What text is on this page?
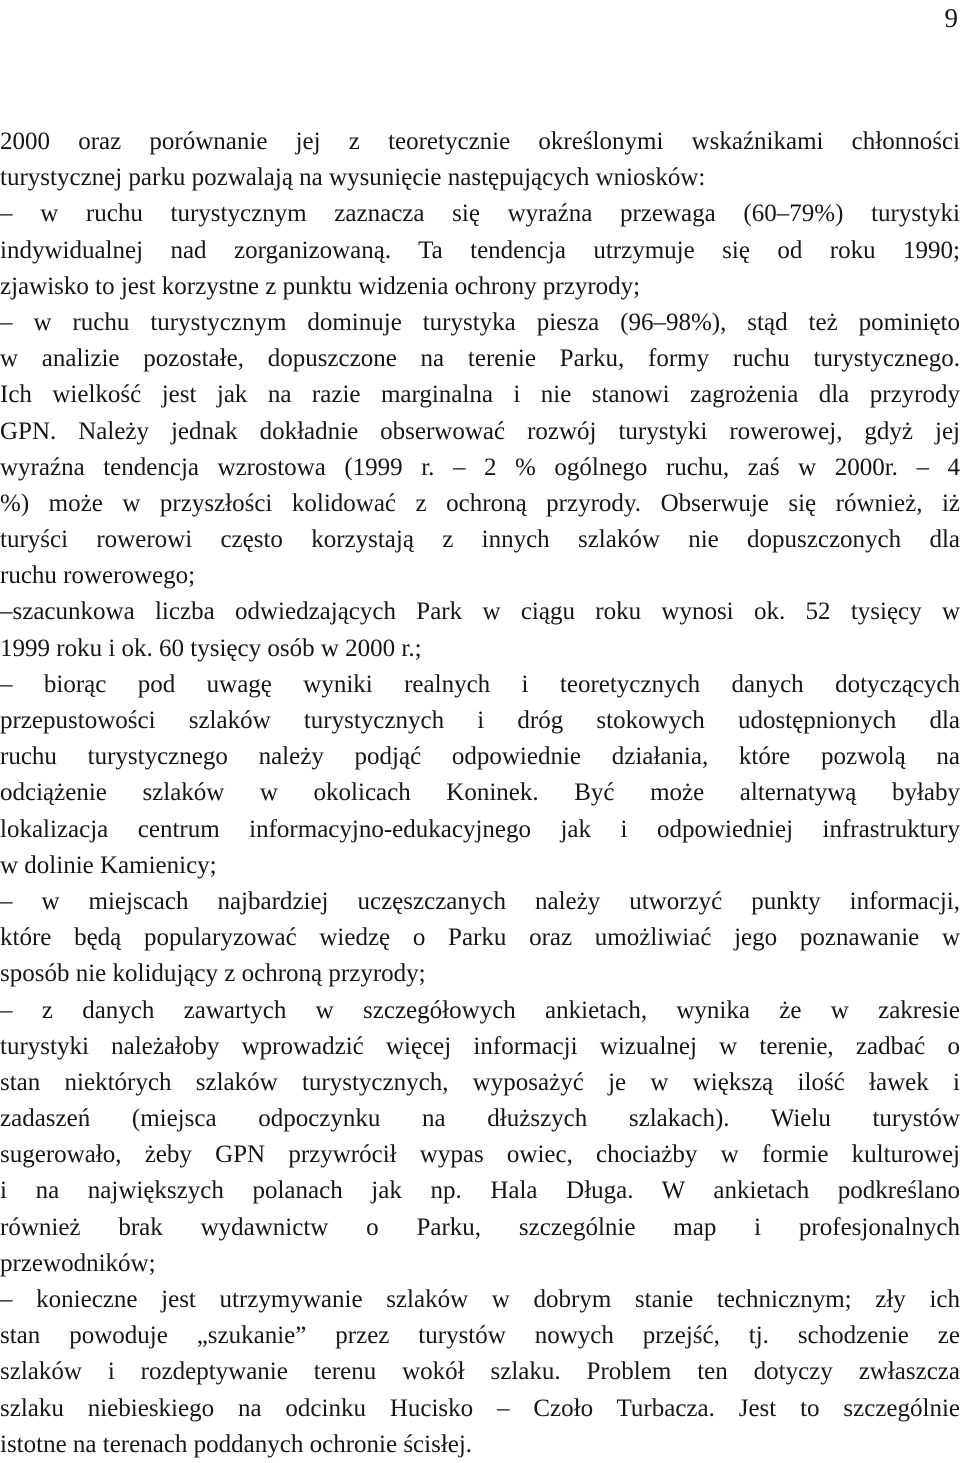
9
2000 oraz porównanie jej z teoretycznie określonymi wskaźnikami chłonności
turystycznej parku pozwalają na wysunięcie następujących wniosków:
– w ruchu turystycznym zaznacza się wyraźna przewaga (60–79%) turystyki
indywidualnej nad zorganizowaną. Ta tendencja utrzymuje się od roku 1990;
zjawisko to jest korzystne z punktu widzenia ochrony przyrody;
– w ruchu turystycznym dominuje turystyka piesza (96–98%), stąd też pominięto
w analizie pozostałe, dopuszczone na terenie Parku, formy ruchu turystycznego.
Ich wielkość jest jak na razie marginalna i nie stanowi zagrożenia dla przyrody
GPN. Należy jednak dokładnie obserwować rozwój turystyki rowerowej, gdyż jej
wyraźna tendencja wzrostowa (1999 r. – 2 % ogólnego ruchu, zaś w 2000r. – 4
%) może w przyszłości kolidować z ochroną przyrody. Obserwuje się również, iż
turyści rowerowi często korzystają z innych szlaków nie dopuszczonych dla
ruchu rowerowego;
–szacunkowa liczba odwiedzających Park w ciągu roku wynosi ok. 52 tysięcy w
1999 roku i ok. 60 tysięcy osób w 2000 r.;
– biorąc pod uwagę wyniki realnych i teoretycznych danych dotyczących
przepustowości szlaków turystycznych i dróg stokowych udostępnionych dla
ruchu turystycznego należy podjąć odpowiednie działania, które pozwolą na
odciążenie szlaków w okolicach Koninek. Być może alternatywą byłaby
lokalizacja centrum informacyjno-edukacyjnego jak i odpowiedniej infrastruktury
w dolinie Kamienicy;
– w miejscach najbardziej uczęszczanych należy utworzyć punkty informacji,
które będą popularyzować wiedzę o Parku oraz umożliwiać jego poznawanie w
sposób nie kolidujący z ochroną przyrody;
– z danych zawartych w szczegółowych ankietach, wynika że w zakresie
turystyki należałoby wprowadzić więcej informacji wizualnej w terenie, zadbać o
stan niektórych szlaków turystycznych, wyposażyć je w większą ilość ławek i
zadaszeń (miejsca odpoczynku na dłuższych szlakach). Wielu turystów
sugerowało, żeby GPN przywrócił wypas owiec, chociażby w formie kulturowej
i na największych polanach jak np. Hala Długa. W ankietach podkreślano
również brak wydawnictw o Parku, szczególnie map i profesjonalnych
przewodników;
– konieczne jest utrzymywanie szlaków w dobrym stanie technicznym; zły ich
stan powoduje „szukanie” przez turystów nowych przejść, tj. schodzenie ze
szlaków i rozdeptywanie terenu wokół szlaku. Problem ten dotyczy zwłaszcza
szlaku niebieskiego na odcinku Hucisko – Czoło Turbacza. Jest to szczególnie
istotne na terenach poddanych ochronie ścisłej.
